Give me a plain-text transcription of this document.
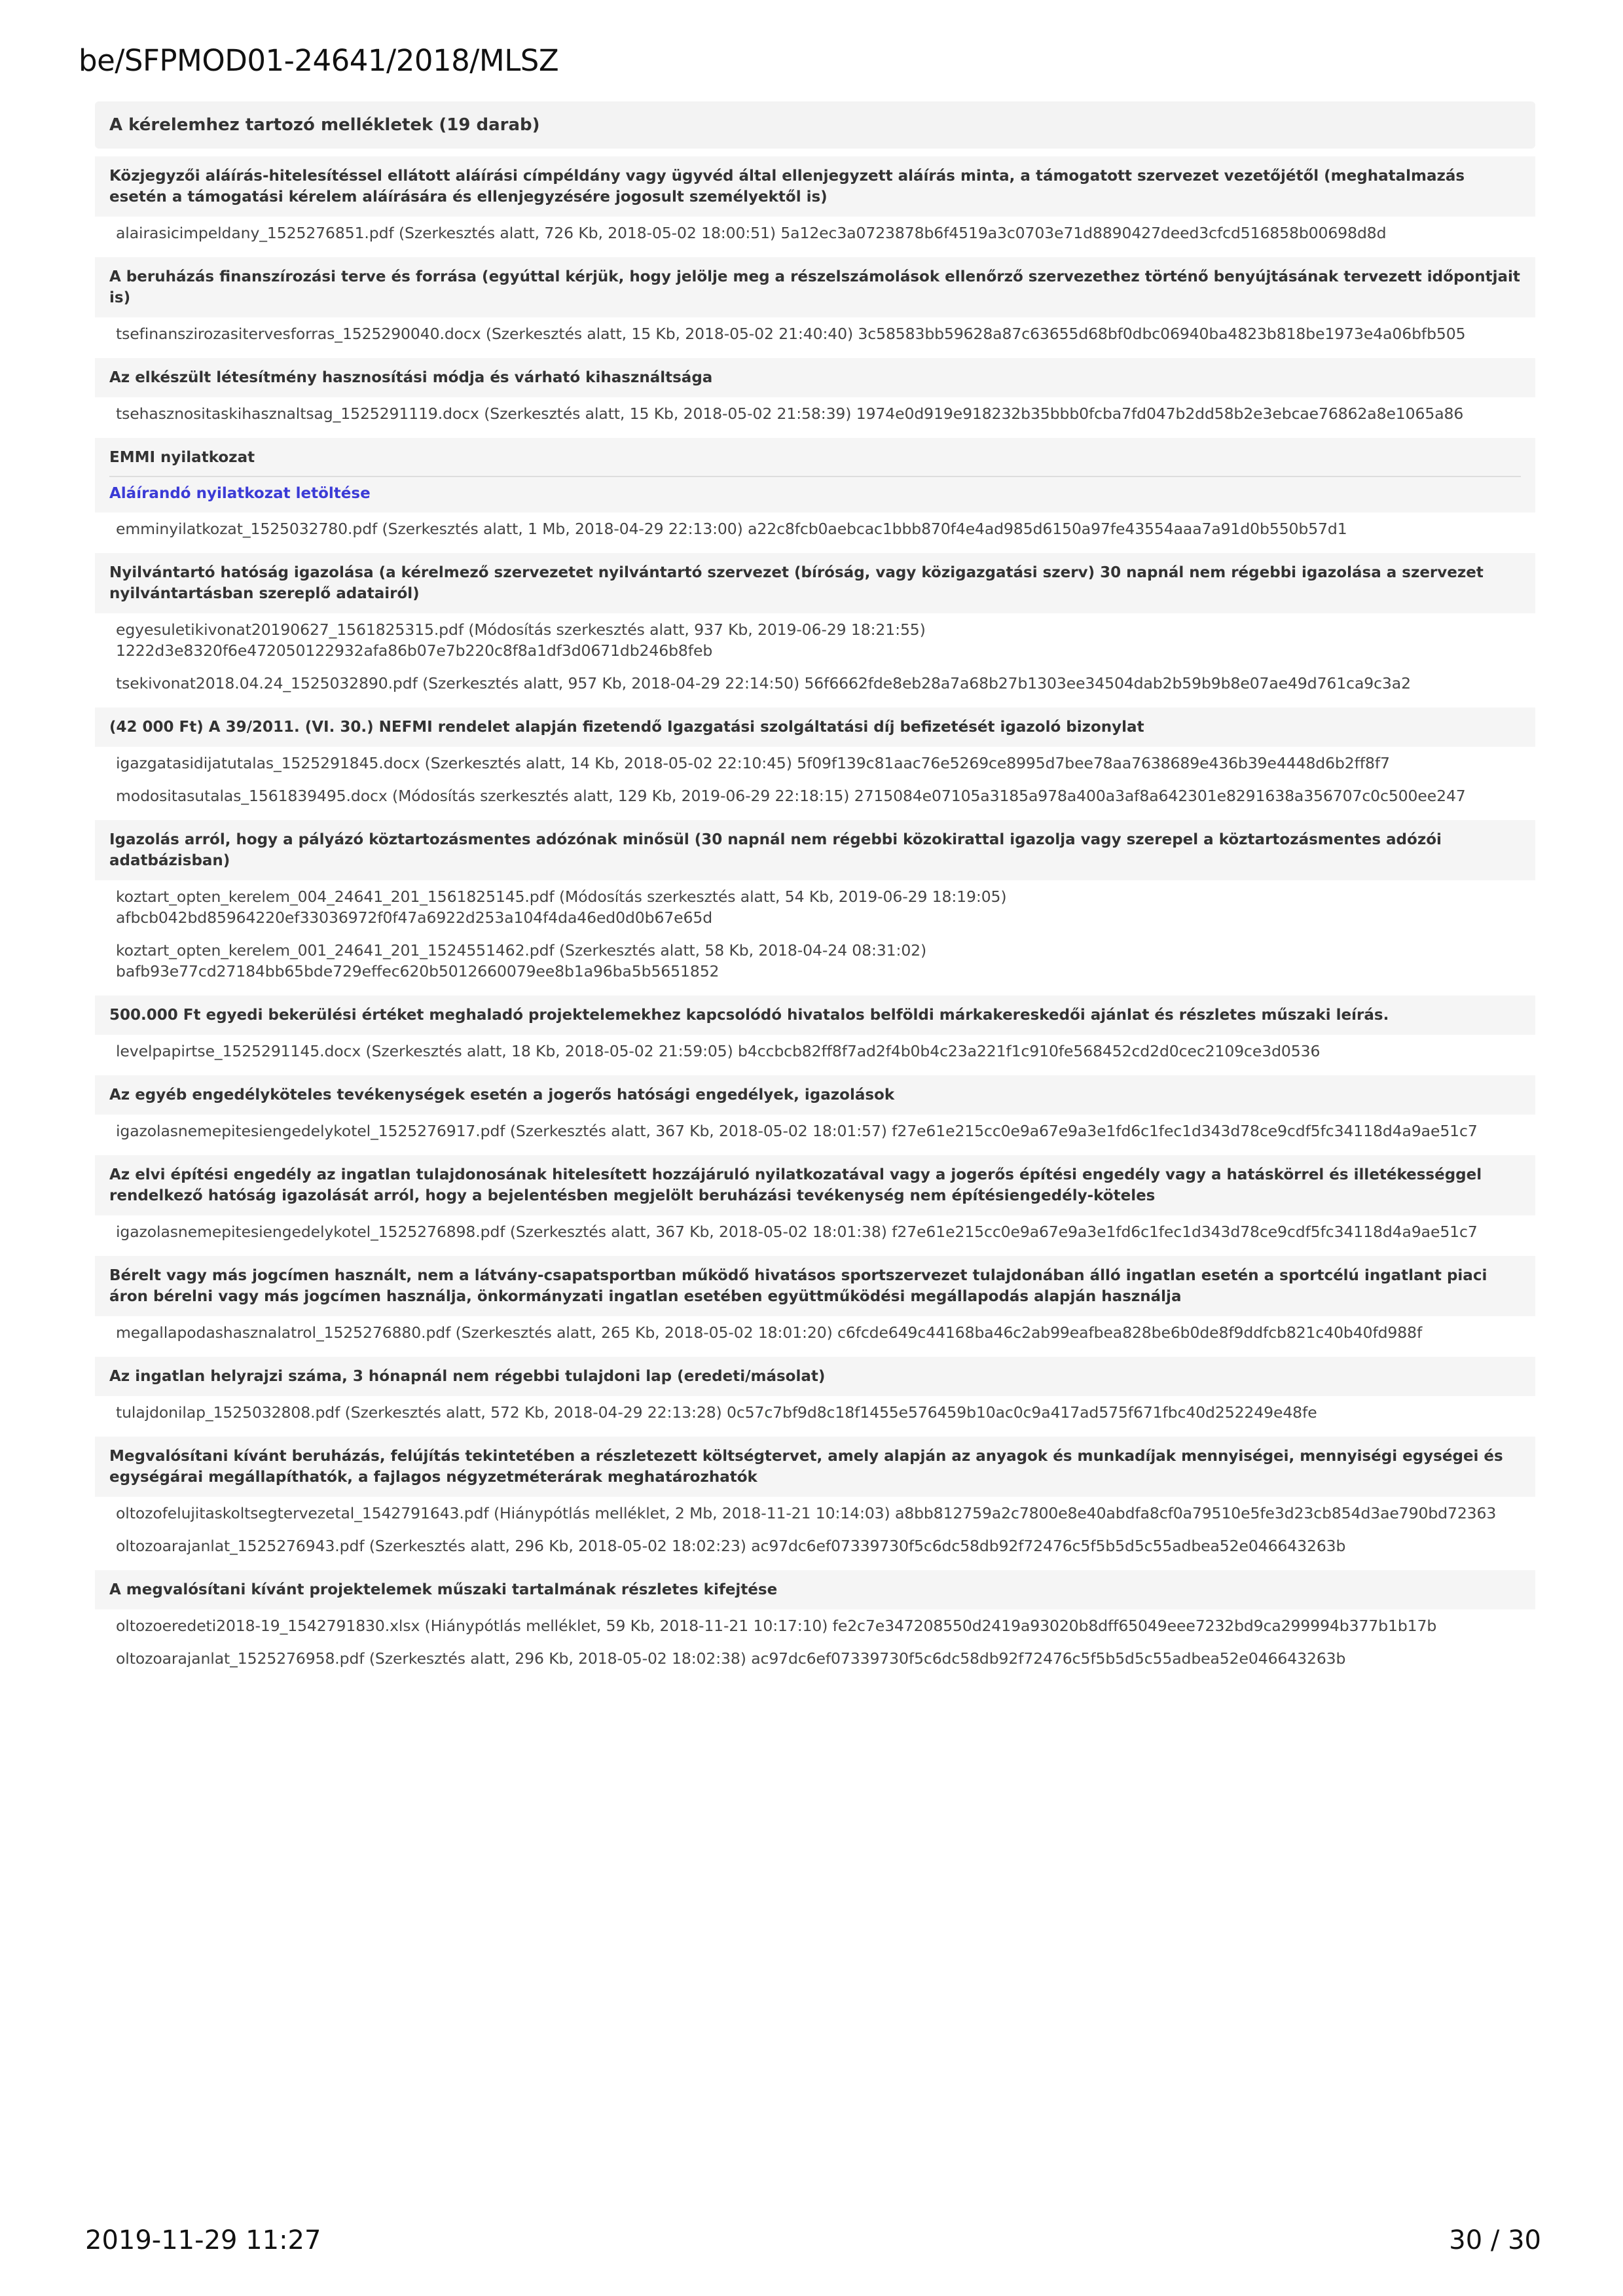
be/SFPMOD01-24641/2018/MLSZ
A kérelemhez tartozó mellékletek (19 darab)
Közjegyzői aláírás-hitelesítéssel ellátott aláírási címpéldány vagy ügyvéd által ellenjegyzett aláírás minta, a támogatott szervezet vezetőjétől (meghatalmazás esetén a támogatási kérelem aláírására és ellenjegyzésére jogosult személyektől is)
alairasicimpeldany_1525276851.pdf (Szerkesztés alatt, 726 Kb, 2018-05-02 18:00:51) 5a12ec3a0723878b6f4519a3c0703e71d8890427deed3cfcd516858b00698d8d
A beruházás finanszírozási terve és forrása (egyúttal kérjük, hogy jelölje meg a részelszámolások ellenőrző szervezethez történő benyújtásának tervezett időpontjait is)
tsefinanszirozasitervesforras_1525290040.docx (Szerkesztés alatt, 15 Kb, 2018-05-02 21:40:40) 3c58583bb59628a87c63655d68bf0dbc06940ba4823b818be1973e4a06bfb505
Az elkészült létesítmény hasznosítási módja és várható kihasználtsága
tsehasznositaskihasznaltsag_1525291119.docx (Szerkesztés alatt, 15 Kb, 2018-05-02 21:58:39) 1974e0d919e918232b35bbb0fcba7fd047b2dd58b2e3ebcae76862a8e1065a86
EMMI nyilatkozat
Aláírandó nyilatkozat letöltése
emminyilatkozat_1525032780.pdf (Szerkesztés alatt, 1 Mb, 2018-04-29 22:13:00) a22c8fcb0aebcac1bbb870f4e4ad985d6150a97fe43554aaa7a91d0b550b57d1
Nyilvántartó hatóság igazolása (a kérelmező szervezetet nyilvántartó szervezet (bíróság, vagy közigazgatási szerv) 30 napnál nem régebbi igazolása a szervezet nyilvántartásban szereplő adatairól)
egyesuletikivonat20190627_1561825315.pdf (Módosítás szerkesztés alatt, 937 Kb, 2019-06-29 18:21:55) 1222d3e8320f6e472050122932afa86b07e7b220c8f8a1df3d0671db246b8feb
tsekivonat2018.04.24_1525032890.pdf (Szerkesztés alatt, 957 Kb, 2018-04-29 22:14:50) 56f6662fde8eb28a7a68b27b1303ee34504dab2b59b9b8e07ae49d761ca9c3a2
(42 000 Ft) A 39/2011. (VI. 30.) NEFMI rendelet alapján fizetendő Igazgatási szolgáltatási díj befizetését igazoló bizonylat
igazgatasidijatutalas_1525291845.docx (Szerkesztés alatt, 14 Kb, 2018-05-02 22:10:45) 5f09f139c81aac76e5269ce8995d7bee78aa7638689e436b39e4448d6b2ff8f7
modositasutalas_1561839495.docx (Módosítás szerkesztés alatt, 129 Kb, 2019-06-29 22:18:15) 2715084e07105a3185a978a400a3af8a642301e8291638a356707c0c500ee247
Igazolás arról, hogy a pályázó köztartozásmentes adózónak minősül (30 napnál nem régebbi közokirattal igazolja vagy szerepel a köztartozásmentes adózói adatbázisban)
koztart_opten_kerelem_004_24641_201_1561825145.pdf (Módosítás szerkesztés alatt, 54 Kb, 2019-06-29 18:19:05) afbcb042bd85964220ef33036972f0f47a6922d253a104f4da46ed0d0b67e65d
koztart_opten_kerelem_001_24641_201_1524551462.pdf (Szerkesztés alatt, 58 Kb, 2018-04-24 08:31:02) bafb93e77cd27184bb65bde729effec620b5012660079ee8b1a96ba5b5651852
500.000 Ft egyedi bekerülési értéket meghaladó projektelemekhez kapcsolódó hivatalos belföldi márkakereskedői ajánlat és részletes műszaki leírás.
levelpapirtse_1525291145.docx (Szerkesztés alatt, 18 Kb, 2018-05-02 21:59:05) b4ccbcb82ff8f7ad2f4b0b4c23a221f1c910fe568452cd2d0cec2109ce3d0536
Az egyéb engedélyköteles tevékenységek esetén a jogerős hatósági engedélyek, igazolások
igazolasnemepitesiengedelykotel_1525276917.pdf (Szerkesztés alatt, 367 Kb, 2018-05-02 18:01:57) f27e61e215cc0e9a67e9a3e1fd6c1fec1d343d78ce9cdf5fc34118d4a9ae51c7
Az elvi építési engedély az ingatlan tulajdonosának hitelesített hozzájáruló nyilatkozatával vagy a jogerős építési engedély vagy a hatáskörrel és illetékességgel rendelkező hatóság igazolását arról, hogy a bejelentésben megjelölt beruházási tevékenység nem építésiengedély-köteles
igazolasnemepitesiengedelykotel_1525276898.pdf (Szerkesztés alatt, 367 Kb, 2018-05-02 18:01:38) f27e61e215cc0e9a67e9a3e1fd6c1fec1d343d78ce9cdf5fc34118d4a9ae51c7
Bérelt vagy más jogcímen használt, nem a látvány-csapatsportban működő hivatásos sportszervezet tulajdonában álló ingatlan esetén a sportcélú ingatlant piaci áron bérelni vagy más jogcímen használja, önkormányzati ingatlan esetében együttműködési megállapodás alapján használja
megallapodashasznalatrol_1525276880.pdf (Szerkesztés alatt, 265 Kb, 2018-05-02 18:01:20) c6fcde649c44168ba46c2ab99eafbea828be6b0de8f9ddfcb821c40b40fd988f
Az ingatlan helyrajzi száma, 3 hónapnál nem régebbi tulajdoni lap (eredeti/másolat)
tulajdonilap_1525032808.pdf (Szerkesztés alatt, 572 Kb, 2018-04-29 22:13:28) 0c57c7bf9d8c18f1455e576459b10ac0c9a417ad575f671fbc40d252249e48fe
Megvalósítani kívánt beruházás, felújítás tekintetében a részletezett költségtervet, amely alapján az anyagok és munkadíjak mennyiségei, mennyiségi egységei és egységárai megállapíthatók, a fajlagos négyzetméterárak meghatározhatók
oltozofelujitaskoltsegtervezetal_1542791643.pdf (Hiánypótlás melléklet, 2 Mb, 2018-11-21 10:14:03) a8bb812759a2c7800e8e40abdfa8cf0a79510e5fe3d23cb854d3ae790bd72363
oltozoarajanlat_1525276943.pdf (Szerkesztés alatt, 296 Kb, 2018-05-02 18:02:23) ac97dc6ef07339730f5c6dc58db92f72476c5f5b5d5c55adbea52e046643263b
A megvalósítani kívánt projektelemek műszaki tartalmának részletes kifejtése
oltozoeredeti2018-19_1542791830.xlsx (Hiánypótlás melléklet, 59 Kb, 2018-11-21 10:17:10) fe2c7e347208550d2419a93020b8dff65049eee7232bd9ca299994b377b1b17b
oltozoarajanlat_1525276958.pdf (Szerkesztés alatt, 296 Kb, 2018-05-02 18:02:38) ac97dc6ef07339730f5c6dc58db92f72476c5f5b5d5c55adbea52e046643263b
2019-11-29 11:27	30 / 30
